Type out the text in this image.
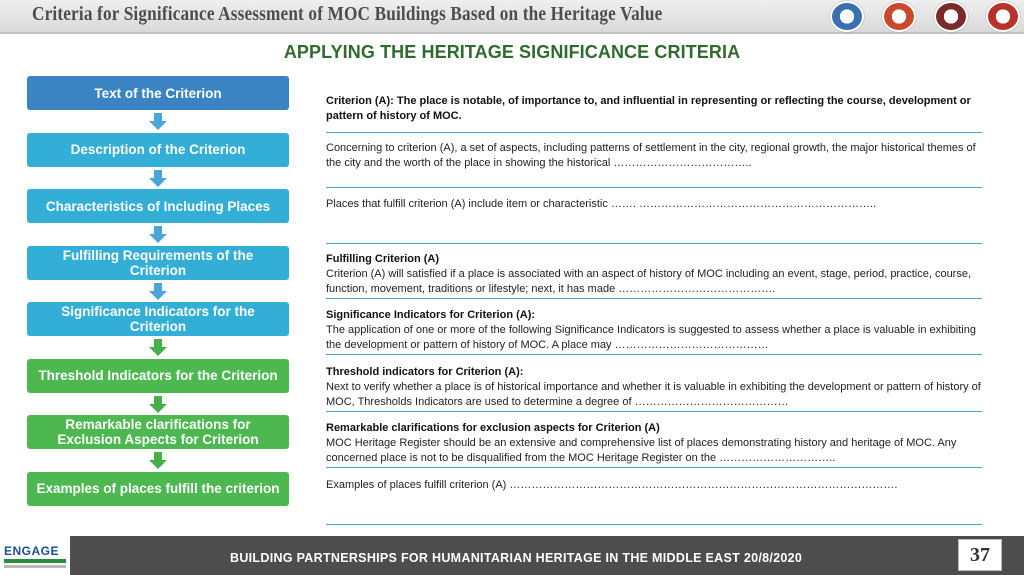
Criteria for Significance Assessment of MOC Buildings Based on the Heritage Value
APPLYING THE HERITAGE SIGNIFICANCE CRITERIA
Text of the Criterion
Description of the Criterion
Characteristics of Including Places
Fulfilling Requirements of the Criterion
Significance Indicators for the Criterion
Threshold Indicators for the Criterion
Remarkable clarifications for Exclusion Aspects for Criterion
Examples of places fulfill the criterion
Criterion (A): The place is notable, of importance to, and influential in representing or reflecting the course, development or pattern of history of MOC.
Concerning to criterion (A), a set of aspects, including patterns of settlement in the city, regional growth, the major historical themes of the city and the worth of the place in showing the historical ………………………………..
Places that fulfill criterion (A) include item or characteristic ……. ………………………………………………………..
Fulfilling Criterion (A)
Criterion (A) will satisfied if a place is associated with an aspect of history of MOC including an event, stage, period, practice, course, function, movement, traditions or lifestyle; next, it has made …………………………………….
Significance Indicators for Criterion (A):
The application of one or more of the following Significance Indicators is suggested to assess whether a place is valuable in exhibiting the development or pattern of history of MOC. A place may ……………………………………
Threshold indicators for Criterion (A):
Next to verify whether a place is of historical importance and whether it is valuable in exhibiting the development or pattern of history of MOC, Thresholds Indicators are used to determine a degree of ……………………………………
Remarkable clarifications for exclusion aspects for Criterion (A)
MOC Heritage Register should be an extensive and comprehensive list of places demonstrating history and heritage of MOC. Any concerned place is not to be disqualified from the MOC Heritage Register on the …………………………..
Examples of places fulfill criterion (A) …………………………………………………………………………………………….
ENGAGE	BUILDING PARTNERSHIPS FOR HUMANITARIAN HERITAGE IN THE MIDDLE EAST 20/8/2020	37
